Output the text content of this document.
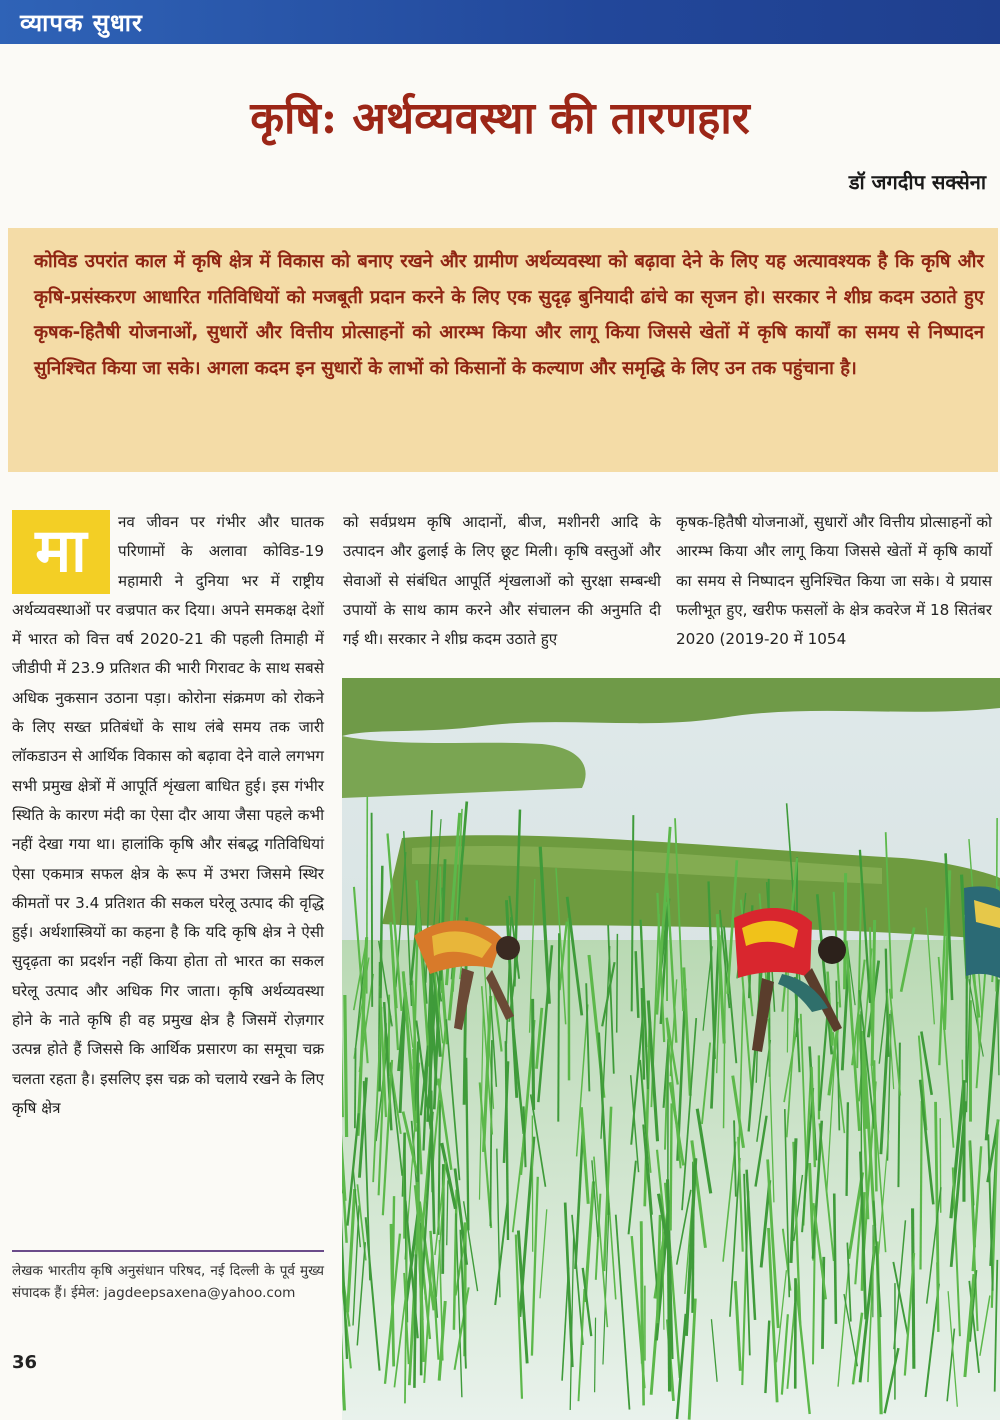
व्यापक सुधार
कृषि: अर्थव्यवस्था की तारणहार
डॉ जगदीप सक्सेना
कोविड उपरांत काल में कृषि क्षेत्र में विकास को बनाए रखने और ग्रामीण अर्थव्यवस्था को बढ़ावा देने के लिए यह अत्यावश्यक है कि कृषि और कृषि-प्रसंस्करण आधारित गतिविधियों को मजबूती प्रदान करने के लिए एक सुदृढ़ बुनियादी ढांचे का सृजन हो। सरकार ने शीघ्र कदम उठाते हुए कृषक-हितैषी योजनाओं, सुधारों और वित्तीय प्रोत्साहनों को आरम्भ किया और लागू किया जिससे खेतों में कृषि कार्यों का समय से निष्पादन सुनिश्चित किया जा सके। अगला कदम इन सुधारों के लाभों को किसानों के कल्याण और समृद्धि के लिए उन तक पहुंचाना है।
मा	नव जीवन पर गंभीर और घातक परिणामों के अलावा कोविड-19 महामारी ने दुनिया भर में राष्ट्रीय अर्थव्यवस्थाओं पर वज्रपात कर दिया। अपने समकक्ष देशों में भारत को वित्त वर्ष 2020-21 की पहली तिमाही में जीडीपी में 23.9 प्रतिशत की भारी गिरावट के साथ सबसे अधिक नुकसान उठाना पड़ा। कोरोना संक्रमण को रोकने के लिए सख्त प्रतिबंधों के साथ लंबे समय तक जारी लॉकडाउन से आर्थिक विकास को बढ़ावा देने वाले लगभग सभी प्रमुख क्षेत्रों में आपूर्ति शृंखला बाधित हुई। इस गंभीर स्थिति के कारण मंदी का ऐसा दौर आया जैसा पहले कभी नहीं देखा गया था। हालांकि कृषि और संबद्ध गतिविधियां ऐसा एकमात्र सफल क्षेत्र के रूप में उभरा जिसमे स्थिर कीमतों पर 3.4 प्रतिशत की सकल घरेलू उत्पाद की वृद्धि हुई। अर्थशास्त्रियों का कहना है कि यदि कृषि क्षेत्र ने ऐसी सुदृढ़ता का प्रदर्शन नहीं किया होता तो भारत का सकल घरेलू उत्पाद और अधिक गिर जाता। कृषि अर्थव्यवस्था होने के नाते कृषि ही वह प्रमुख क्षेत्र है जिसमें रोज़गार उत्पन्न होते हैं जिससे कि आर्थिक प्रसारण का समूचा चक्र चलता रहता है। इसलिए इस चक्र को चलाये रखने के लिए कृषि क्षेत्र
को सर्वप्रथम कृषि आदानों, बीज, मशीनरी आदि के उत्पादन और ढुलाई के लिए छूट मिली। कृषि वस्तुओं और सेवाओं से संबंधित आपूर्ति शृंखलाओं को सुरक्षा सम्बन्धी उपायों के साथ काम करने और संचालन की अनुमति दी गई थी। सरकार ने शीघ्र कदम उठाते हुए
कृषक-हितैषी योजनाओं, सुधारों और वित्तीय प्रोत्साहनों को आरम्भ किया और लागू किया जिससे खेतों में कृषि कार्यो का समय से निष्पादन सुनिश्चित किया जा सके। ये प्रयास फलीभूत हुए, खरीफ फसलों के क्षेत्र कवरेज में 18 सितंबर 2020 (2019-20 में 1054
लेखक भारतीय कृषि अनुसंधान परिषद, नई दिल्ली के पूर्व मुख्य संपादक हैं। ईमेल: jagdeepsaxena@yahoo.com
36
